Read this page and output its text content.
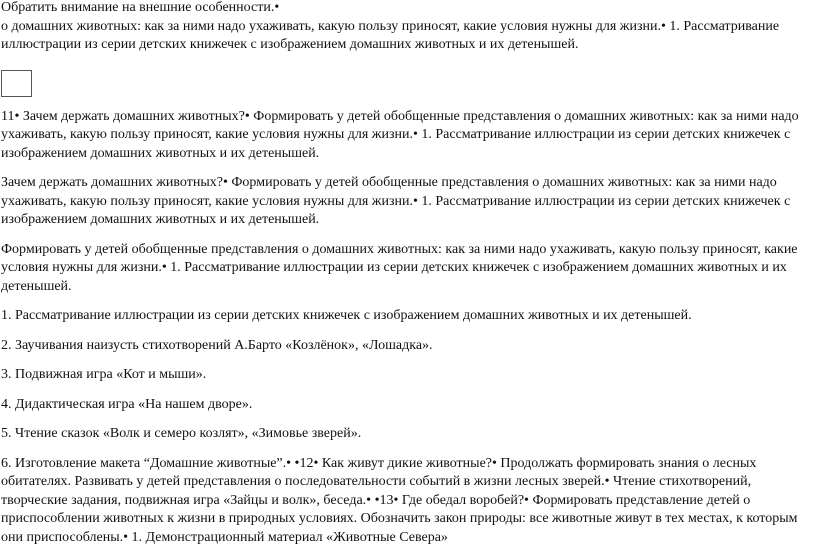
Обратить внимание на внешние особенности.•

о домашних животных: как за ними надо ухаживать, какую пользу приносят, какие условия нужны для жизни.• 1. Рассматривание иллюстрации из серии детских книжечек с изображением домашних животных и их детенышей.

11• Зачем держать домашних животных?• Формировать у детей обобщенные представления о домашних животных: как за ними надо ухаживать, какую пользу приносят, какие условия нужны для жизни.• 1. Рассматривание иллюстрации из серии детских книжечек с изображением домашних животных и их детенышей.

Зачем держать домашних животных?• Формировать у детей обобщенные представления о домашних животных: как за ними надо ухаживать, какую пользу приносят, какие условия нужны для жизни.• 1. Рассматривание иллюстрации из серии детских книжечек с изображением домашних животных и их детенышей.

Формировать у детей обобщенные представления о домашних животных: как за ними надо ухаживать, какую пользу приносят, какие условия нужны для жизни.• 1. Рассматривание иллюстрации из серии детских книжечек с изображением домашних животных и их детенышей.

1. Рассматривание иллюстрации из серии детских книжечек с изображением домашних животных и их детенышей.

2. Заучивания наизусть стихотворений А.Барто «Козлёнок», «Лошадка».

3. Подвижная игра «Кот и мыши».

4. Дидактическая игра «На нашем дворе».

5. Чтение сказок «Волк и семеро козлят», «Зимовье зверей».

6. Изготовление макета “Домашние животные”.• •12• Как живут дикие животные?• Продолжать формировать знания о лесных обитателях. Развивать у детей представления о последовательности событий в жизни лесных зверей.• Чтение стихотворений, творческие задания, подвижная игра «Зайцы и волк», беседа.• •13• Где обедал воробей?• Формировать представление детей о приспособлении животных к жизни в природных условиях. Обозначить закон природы: все животные живут в тех местах, к которым они приспособлены.• 1. Демонстрационный материал «Животные Севера»
